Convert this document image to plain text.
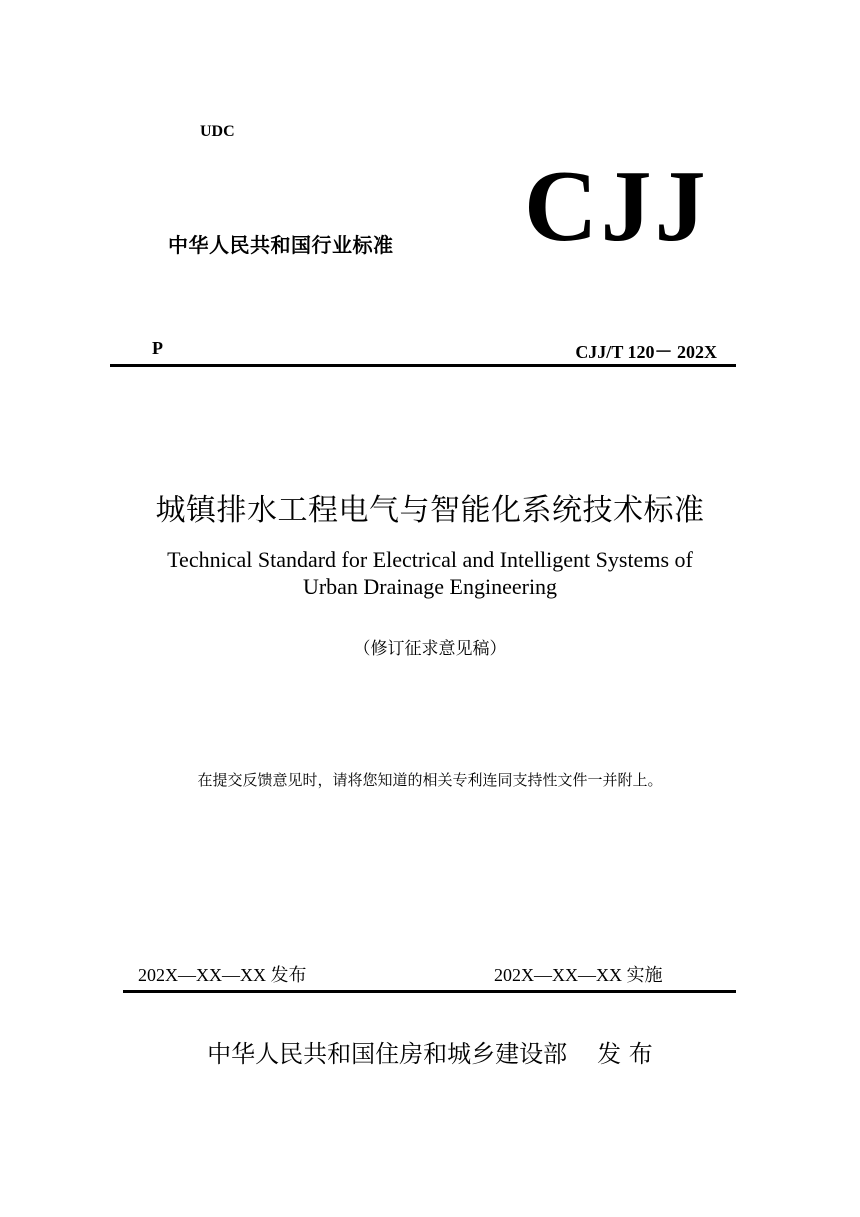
UDC
中华人民共和国行业标准 CJJ
P	CJJ/T 120－ 202X
城镇排水工程电气与智能化系统技术标准
Technical Standard for Electrical and Intelligent Systems of
Urban Drainage Engineering
（修订征求意见稿）
在提交反馈意见时，请将您知道的相关专利连同支持性文件一并附上。
202X—XX—XX 发布	202X—XX—XX 实施
中华人民共和国住房和城乡建设部 发 布
